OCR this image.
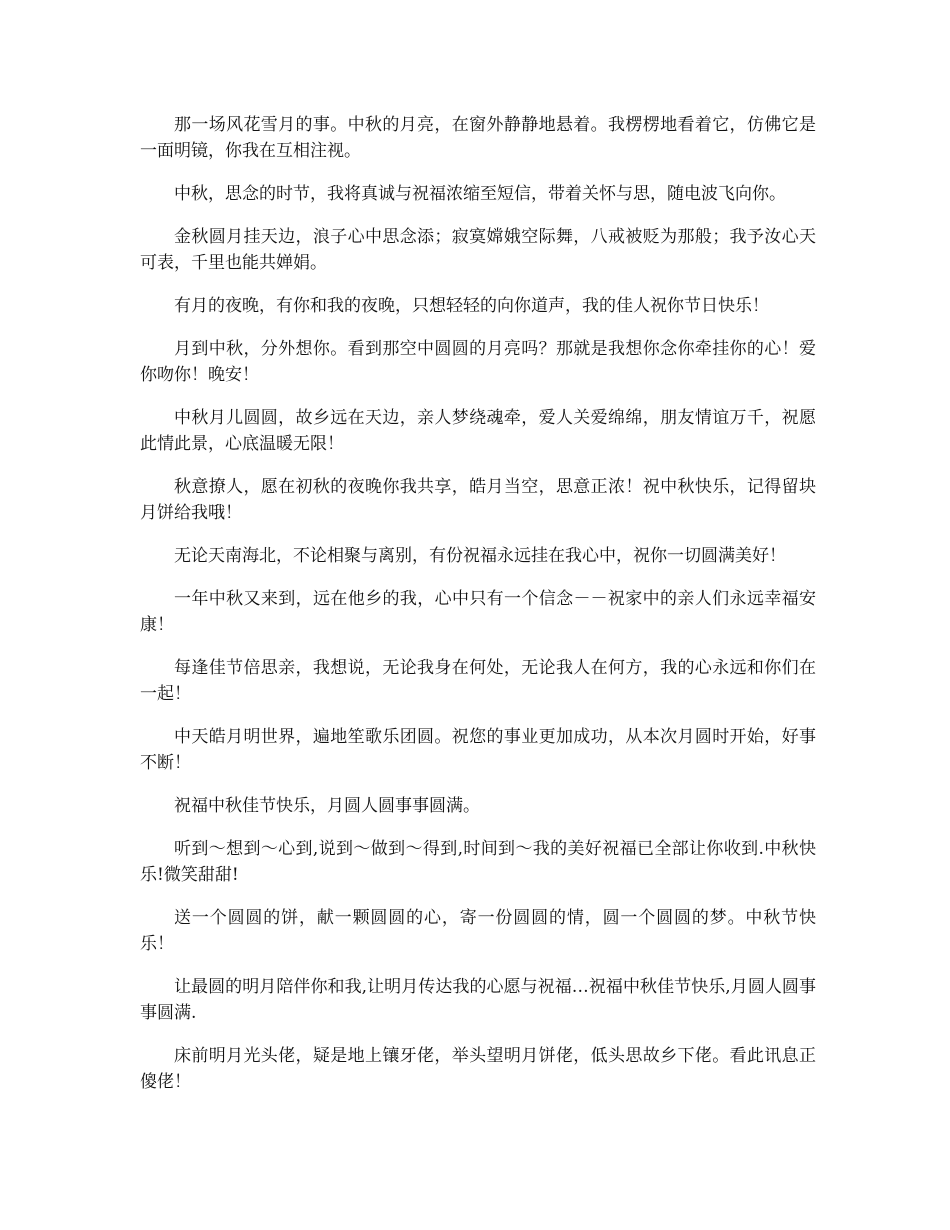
那一场风花雪月的事。中秋的月亮，在窗外静静地悬着。我楞楞地看着它，仿佛它是一面明镜，你我在互相注视。

中秋，思念的时节，我将真诚与祝福浓缩至短信，带着关怀与思，随电波飞向你。

金秋圆月挂天边，浪子心中思念添；寂寞嫦娥空际舞，八戒被贬为那般；我予汝心天可表，千里也能共婵娟。

有月的夜晚，有你和我的夜晚，只想轻轻的向你道声，我的佳人祝你节日快乐！

月到中秋，分外想你。看到那空中圆圆的月亮吗？那就是我想你念你牵挂你的心！爱你吻你！晚安！

中秋月儿圆圆，故乡远在天边，亲人梦绕魂牵，爱人关爱绵绵，朋友情谊万千，祝愿此情此景，心底温暖无限！

秋意撩人，愿在初秋的夜晚你我共享，皓月当空，思意正浓！祝中秋快乐，记得留块月饼给我哦！

无论天南海北，不论相聚与离别，有份祝福永远挂在我心中，祝你一切圆满美好！

一年中秋又来到，远在他乡的我，心中只有一个信念－－祝家中的亲人们永远幸福安康！

每逢佳节倍思亲，我想说，无论我身在何处，无论我人在何方，我的心永远和你们在一起！

中天皓月明世界，遍地笙歌乐团圆。祝您的事业更加成功，从本次月圆时开始，好事不断！

祝福中秋佳节快乐，月圆人圆事事圆满。

听到～想到～心到,说到～做到～得到,时间到～我的美好祝福已全部让你收到.中秋快乐!微笑甜甜!

送一个圆圆的饼，献一颗圆圆的心，寄一份圆圆的情，圆一个圆圆的梦。中秋节快乐！

让最圆的明月陪伴你和我,让明月传达我的心愿与祝福…祝福中秋佳节快乐,月圆人圆事事圆满.

床前明月光头佬，疑是地上镶牙佬，举头望明月饼佬，低头思故乡下佬。看此讯息正傻佬！
